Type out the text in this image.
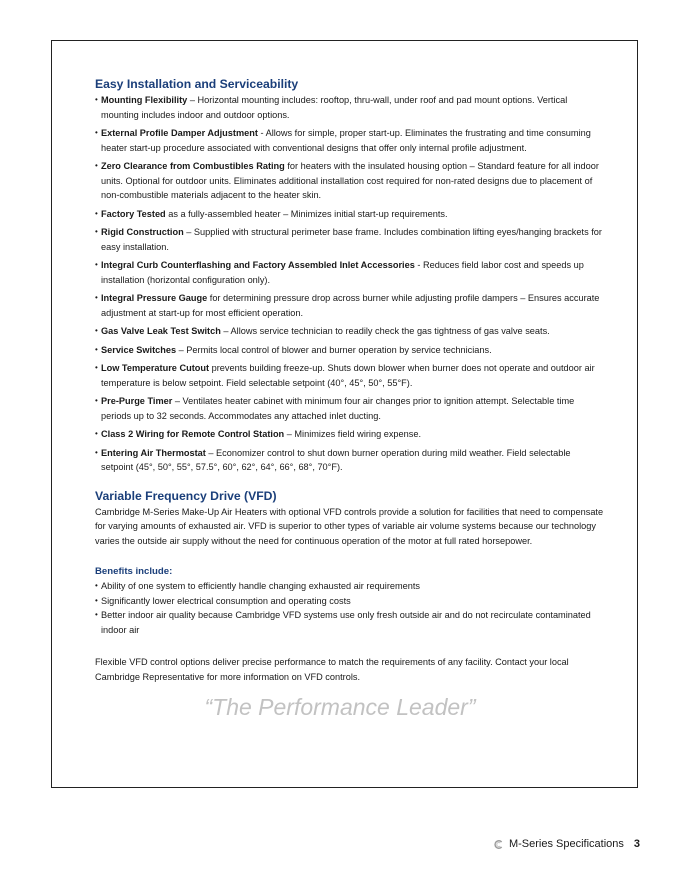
Easy Installation and Serviceability
• Mounting Flexibility – Horizontal mounting includes: rooftop, thru-wall, under roof and pad mount options. Vertical mounting includes indoor and outdoor options.
• External Profile Damper Adjustment - Allows for simple, proper start-up. Eliminates the frustrating and time consuming heater start-up procedure associated with conventional designs that offer only internal profile adjustment.
• Zero Clearance from Combustibles Rating for heaters with the insulated housing option – Standard feature for all indoor units. Optional for outdoor units. Eliminates additional installation cost required for non-rated designs due to placement of non-combustible materials adjacent to the heater skin.
• Factory Tested as a fully-assembled heater – Minimizes initial start-up requirements.
• Rigid Construction – Supplied with structural perimeter base frame. Includes combination lifting eyes/hanging brackets for easy installation.
• Integral Curb Counterflashing and Factory Assembled Inlet Accessories - Reduces field labor cost and speeds up installation (horizontal configuration only).
• Integral Pressure Gauge for determining pressure drop across burner while adjusting profile dampers – Ensures accurate adjustment at start-up for most efficient operation.
• Gas Valve Leak Test Switch – Allows service technician to readily check the gas tightness of gas valve seats.
• Service Switches – Permits local control of blower and burner operation by service technicians.
• Low Temperature Cutout prevents building freeze-up. Shuts down blower when burner does not operate and outdoor air temperature is below setpoint. Field selectable setpoint (40°, 45°, 50°, 55°F).
• Pre-Purge Timer – Ventilates heater cabinet with minimum four air changes prior to ignition attempt. Selectable time periods up to 32 seconds. Accommodates any attached inlet ducting.
• Class 2 Wiring for Remote Control Station – Minimizes field wiring expense.
• Entering Air Thermostat – Economizer control to shut down burner operation during mild weather. Field selectable setpoint (45°, 50°, 55°, 57.5°, 60°, 62°, 64°, 66°, 68°, 70°F).
Variable Frequency Drive (VFD)
Cambridge M-Series Make-Up Air Heaters with optional VFD controls provide a solution for facilities that need to compensate for varying amounts of exhausted air. VFD is superior to other types of variable air volume systems because our technology varies the outside air supply without the need for continuous operation of the motor at full rated horsepower.
Benefits include:
• Ability of one system to efficiently handle changing exhausted air requirements
• Significantly lower electrical consumption and operating costs
• Better indoor air quality because Cambridge VFD systems use only fresh outside air and do not recirculate contaminated indoor air
Flexible VFD control options deliver precise performance to match the requirements of any facility. Contact your local Cambridge Representative for more information on VFD controls.
“The Performance Leader”
M-Series Specifications 3
